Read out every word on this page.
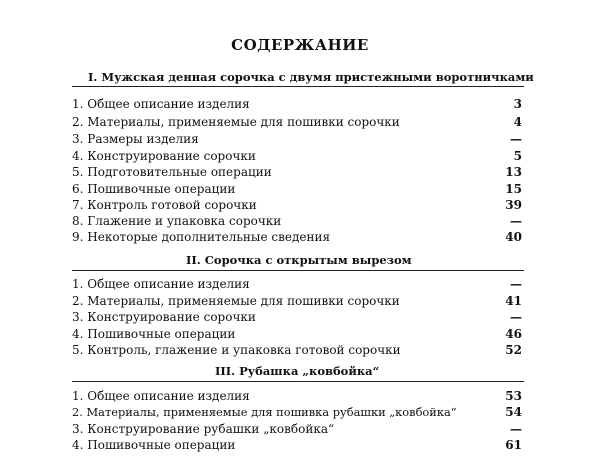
СОДЕРЖАНИЕ
I. Мужская денная сорочка с двумя пристежными воротничками
1. Общее описание изделия	3
2. Материалы, применяемые для пошивки сорочки	4
3. Размеры изделия	—
4. Конструирование сорочки	5
5. Подготовительные операции	13
6. Пошивочные операции	15
7. Контроль готовой сорочки	39
8. Глажение и упаковка сорочки	—
9. Некоторые дополнительные сведения	40
II. Сорочка с открытым вырезом
1. Общее описание изделия	—
2. Материалы, применяемые для пошивки сорочки	41
3. Конструирование сорочки	—
4. Пошивочные операции	46
5. Контроль, глажение и упаковка готовой сорочки	52
III. Рубашка „ковбойка“
1. Общее описание изделия	53
2. Материалы, применяемые для пошивка рубашки „ковбойка“	54
3. Конструирование рубашки „ковбойка“	—
4. Пошивочные операции	61
